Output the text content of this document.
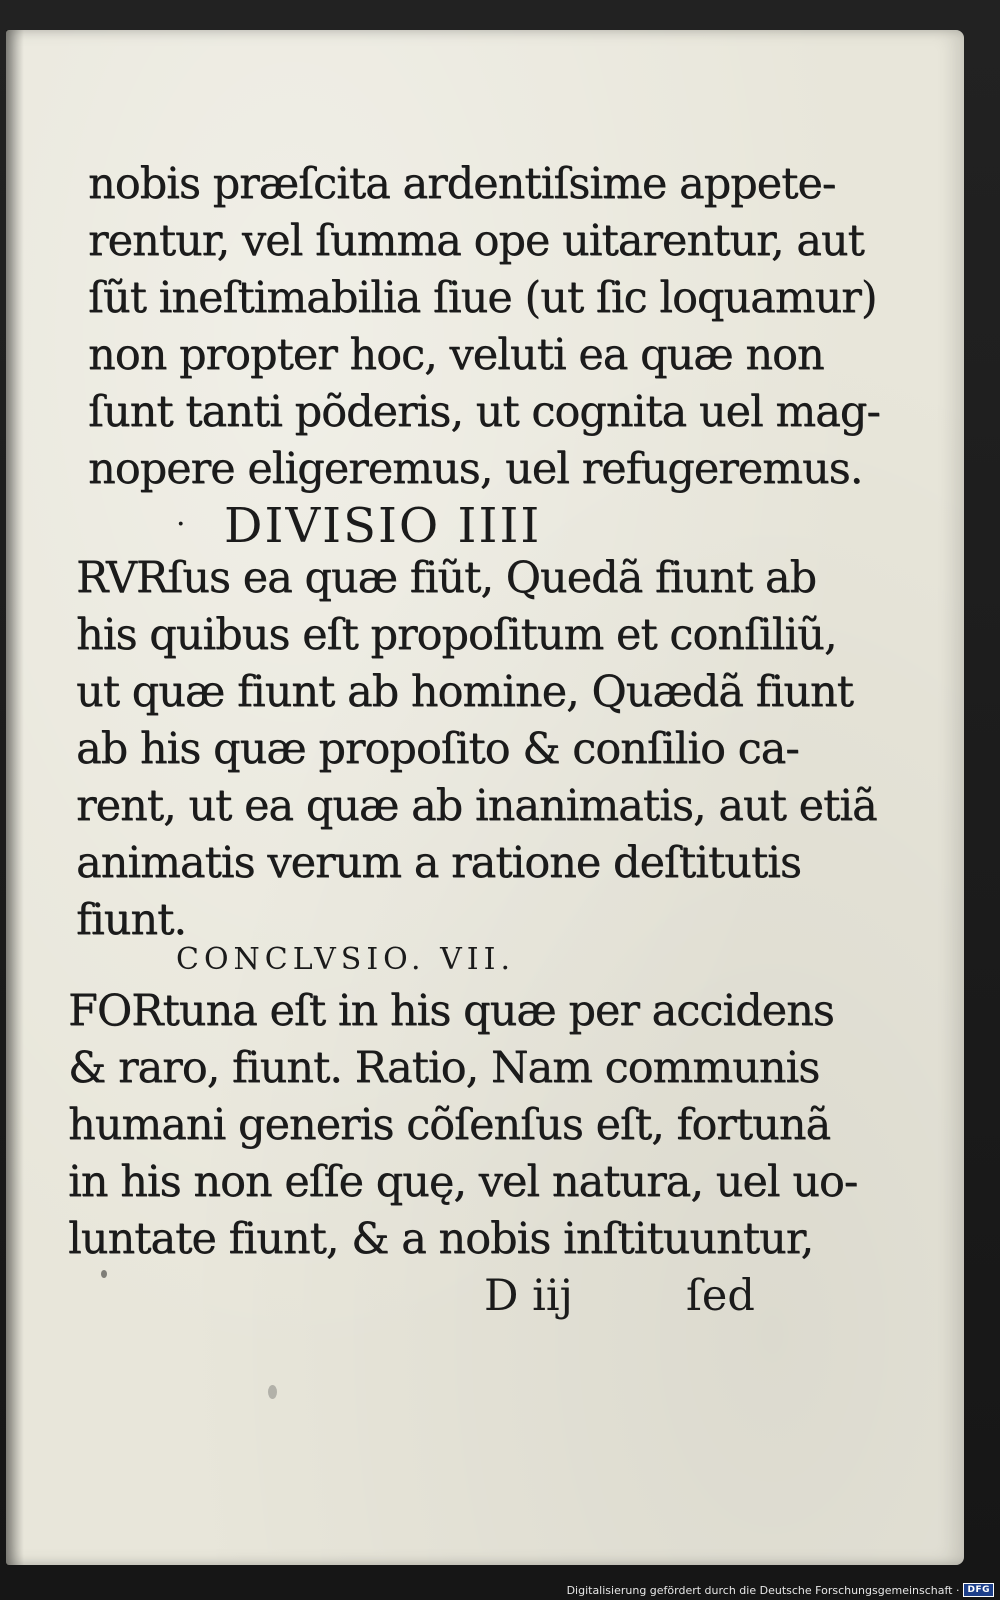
nobis præſcita ardentiſsime appete-
rentur, vel ſumma ope uitarentur, aut
ſũt ineſtimabilia ſiue (ut ſic loquamur)
non propter hoc, veluti ea quæ non
ſunt tanti põderis, ut cognita uel mag-
nopere eligeremus, uel refugeremus.
· DIVISIO IIII
RVRſus ea quæ fiũt, Quedã fiunt ab
his quibus eſt propoſitum et conſiliũ,
ut quæ fiunt ab homine, Quædã fiunt
ab his quæ propoſito & conſilio ca-
rent, ut ea quæ ab inanimatis, aut etiã
animatis verum a ratione deſtitutis
fiunt.
CONCLVSIO. VII.
FORtuna eſt in his quæ per accidens
& raro, fiunt. Ratio, Nam communis
humani generis cõſenſus eſt, fortunã
in his non eſſe quę, vel natura, uel uo-
luntate fiunt, & a nobis inſtituuntur,
D iij	ſed
Digitalisierung gefördert durch die Deutsche Forschungsgemeinschaft · DFG
